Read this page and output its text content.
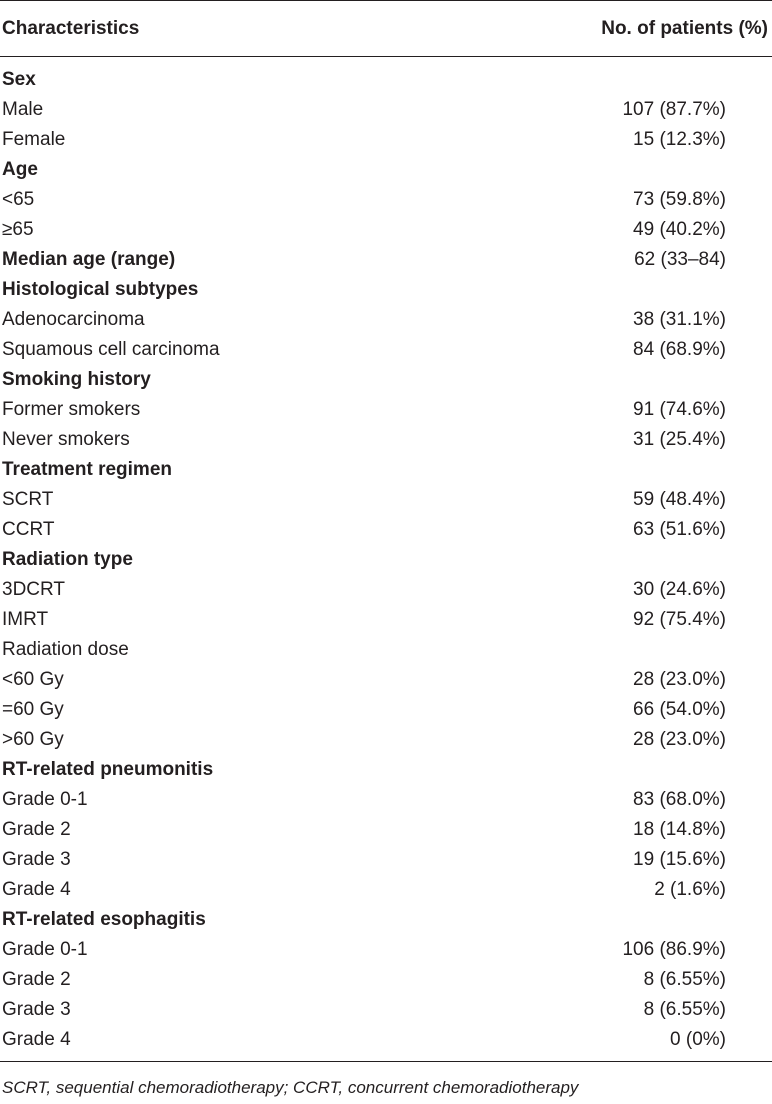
Characteristics	No. of patients (%)
Sex	
Male	107 (87.7%)
Female	15 (12.3%)
Age	
<65	73 (59.8%)
≥65	49 (40.2%)
Median age (range)	62 (33–84)
Histological subtypes	
Adenocarcinoma	38 (31.1%)
Squamous cell carcinoma	84 (68.9%)
Smoking history	
Former smokers	91 (74.6%)
Never smokers	31 (25.4%)
Treatment regimen	
SCRT	59 (48.4%)
CCRT	63 (51.6%)
Radiation type	
3DCRT	30 (24.6%)
IMRT	92 (75.4%)
Radiation dose	
<60 Gy	28 (23.0%)
=60 Gy	66 (54.0%)
>60 Gy	28 (23.0%)
RT-related pneumonitis	
Grade 0-1	83 (68.0%)
Grade 2	18 (14.8%)
Grade 3	19 (15.6%)
Grade 4	2 (1.6%)
RT-related esophagitis	
Grade 0-1	106 (86.9%)
Grade 2	8 (6.55%)
Grade 3	8 (6.55%)
Grade 4	0 (0%)
SCRT, sequential chemoradiotherapy; CCRT, concurrent chemoradiotherapy
